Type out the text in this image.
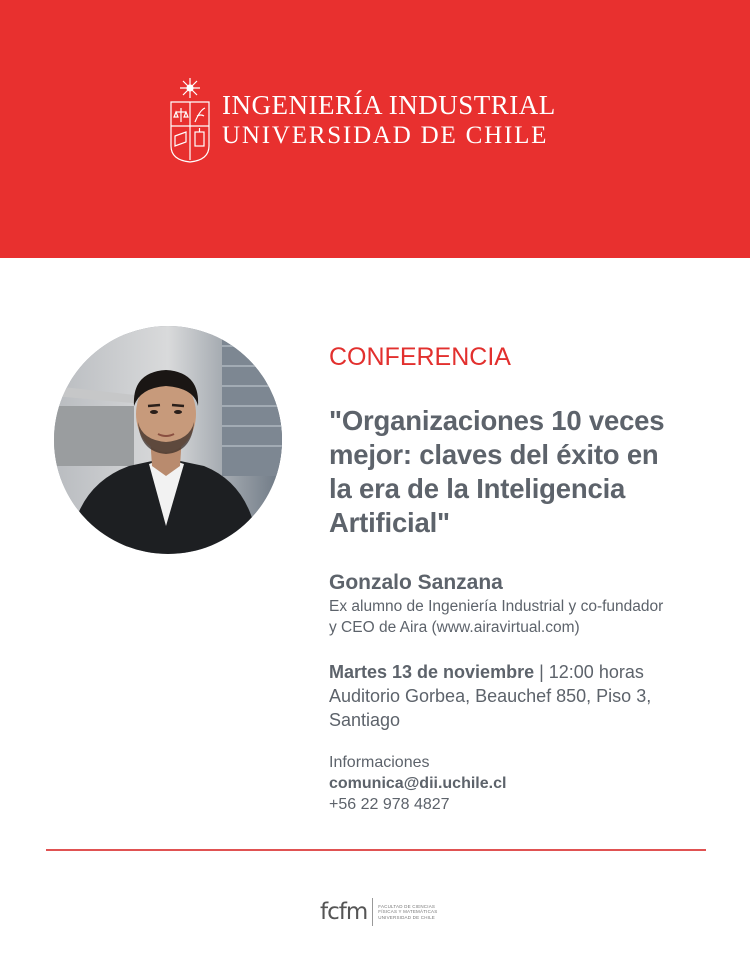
INGENIERÍA INDUSTRIAL
UNIVERSIDAD DE CHILE
CONFERENCIA
"Organizaciones 10 veces
mejor: claves del éxito en
la era de la Inteligencia
Artificial"
Gonzalo Sanzana
Ex alumno de Ingeniería Industrial y co-fundador
y CEO de Aira (www.airavirtual.com)
Martes 13 de noviembre | 12:00 horas
Auditorio Gorbea, Beauchef 850, Piso 3,
Santiago
Informaciones
comunica@dii.uchile.cl
+56 22 978 4827
fcfm FACULTAD DE CIENCIAS
FÍSICAS Y MATEMÁTICAS
UNIVERSIDAD DE CHILE
